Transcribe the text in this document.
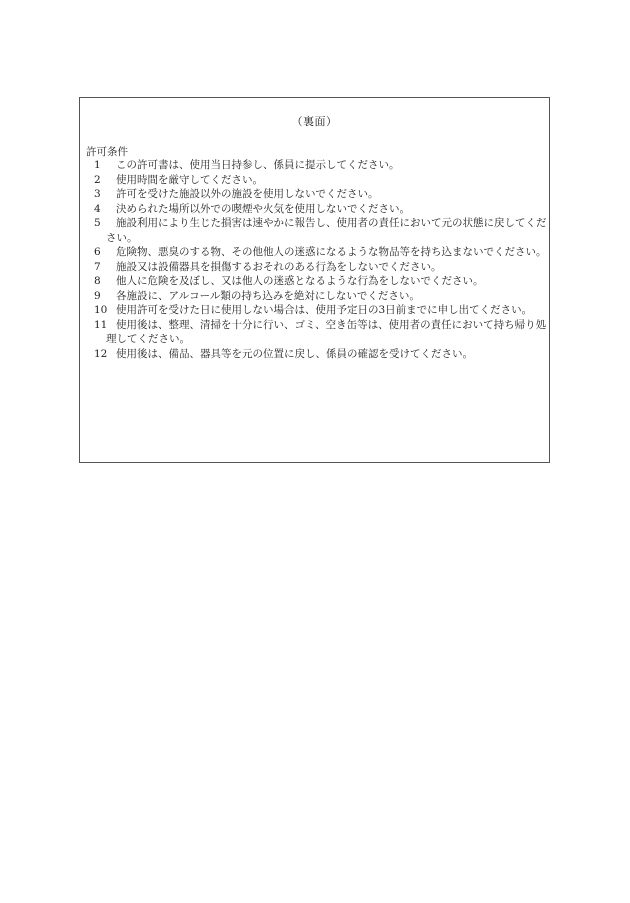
（裏面）
許可条件
1	この許可書は、使用当日持参し、係員に提示してください。
2	使用時間を厳守してください。
3	許可を受けた施設以外の施設を使用しないでください。
4	決められた場所以外での喫煙や火気を使用しないでください。
5	施設利用により生じた損害は速やかに報告し、使用者の責任において元の状態に戻してください。
6	危険物、悪臭のする物、その他他人の迷惑になるような物品等を持ち込まないでください。
7	施設又は設備器具を損傷するおそれのある行為をしないでください。
8	他人に危険を及ぼし、又は他人の迷惑となるような行為をしないでください。
9	各施設に、アルコール類の持ち込みを絶対にしないでください。
10 使用許可を受けた日に使用しない場合は、使用予定日の3日前までに申し出てください。
11 使用後は、整理、清掃を十分に行い、ゴミ、空き缶等は、使用者の責任において持ち帰り処理してください。
12 使用後は、備品、器具等を元の位置に戻し、係員の確認を受けてください。
